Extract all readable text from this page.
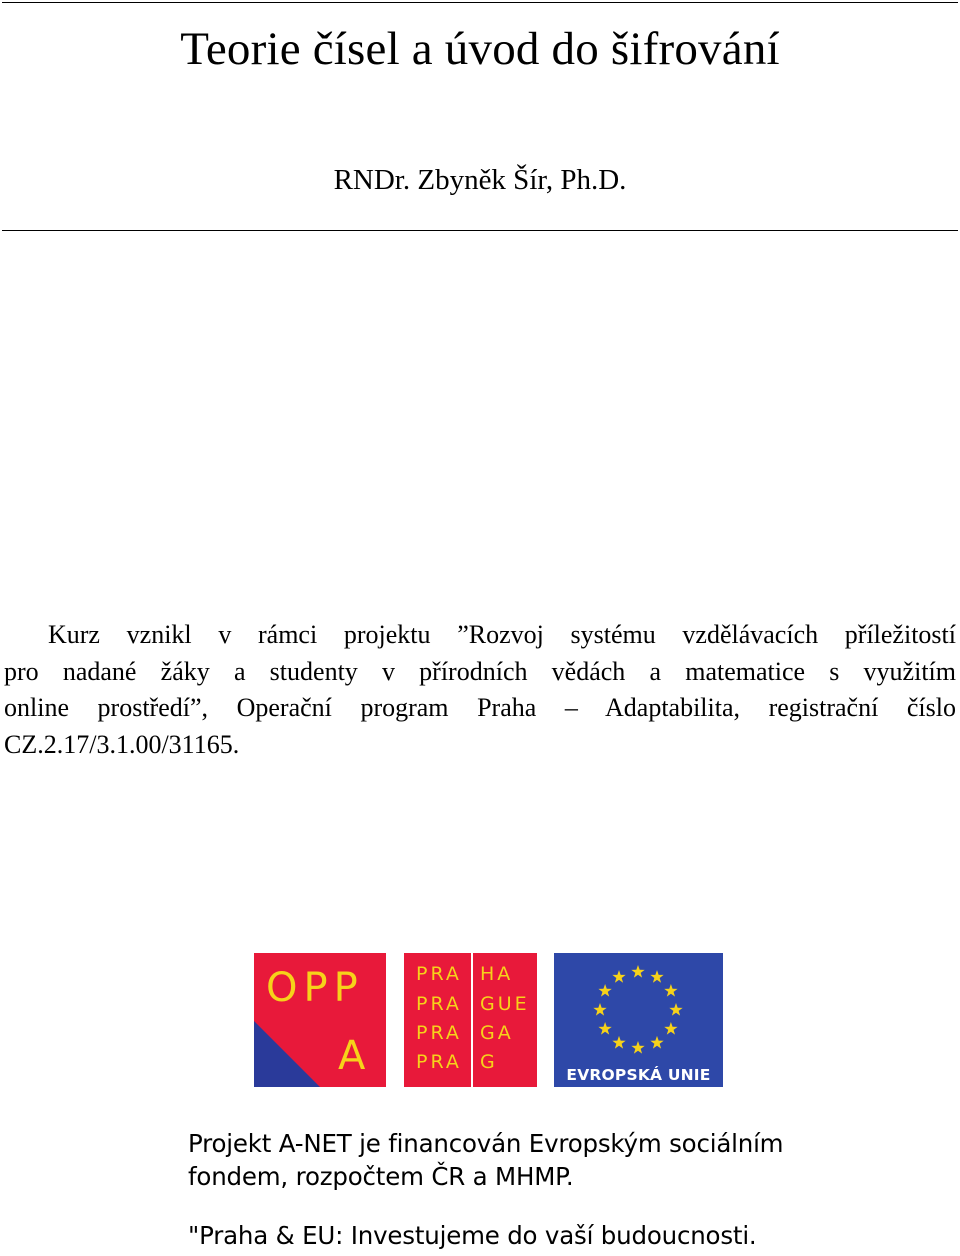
Teorie čísel a úvod do šifrování
RNDr. Zbyněk Šír, Ph.D.
Kurz vznikl v rámci projektu ”Rozvoj systému vzdělávacích příležitostí
pro nadané žáky a studenty v přírodních vědách a matematice s využitím
online prostředí”, Operační program Praha – Adaptabilita, registrační číslo
CZ.2.17/3.1.00/31165.
OPP
A
PRA HA
PRA GUE
PRA GA
PRA G
EVROPSKÁ UNIE
Projekt A-NET je financován Evropským sociálním
fondem, rozpočtem ČR a MHMP.
"Praha & EU: Investujeme do vaší budoucnosti.
